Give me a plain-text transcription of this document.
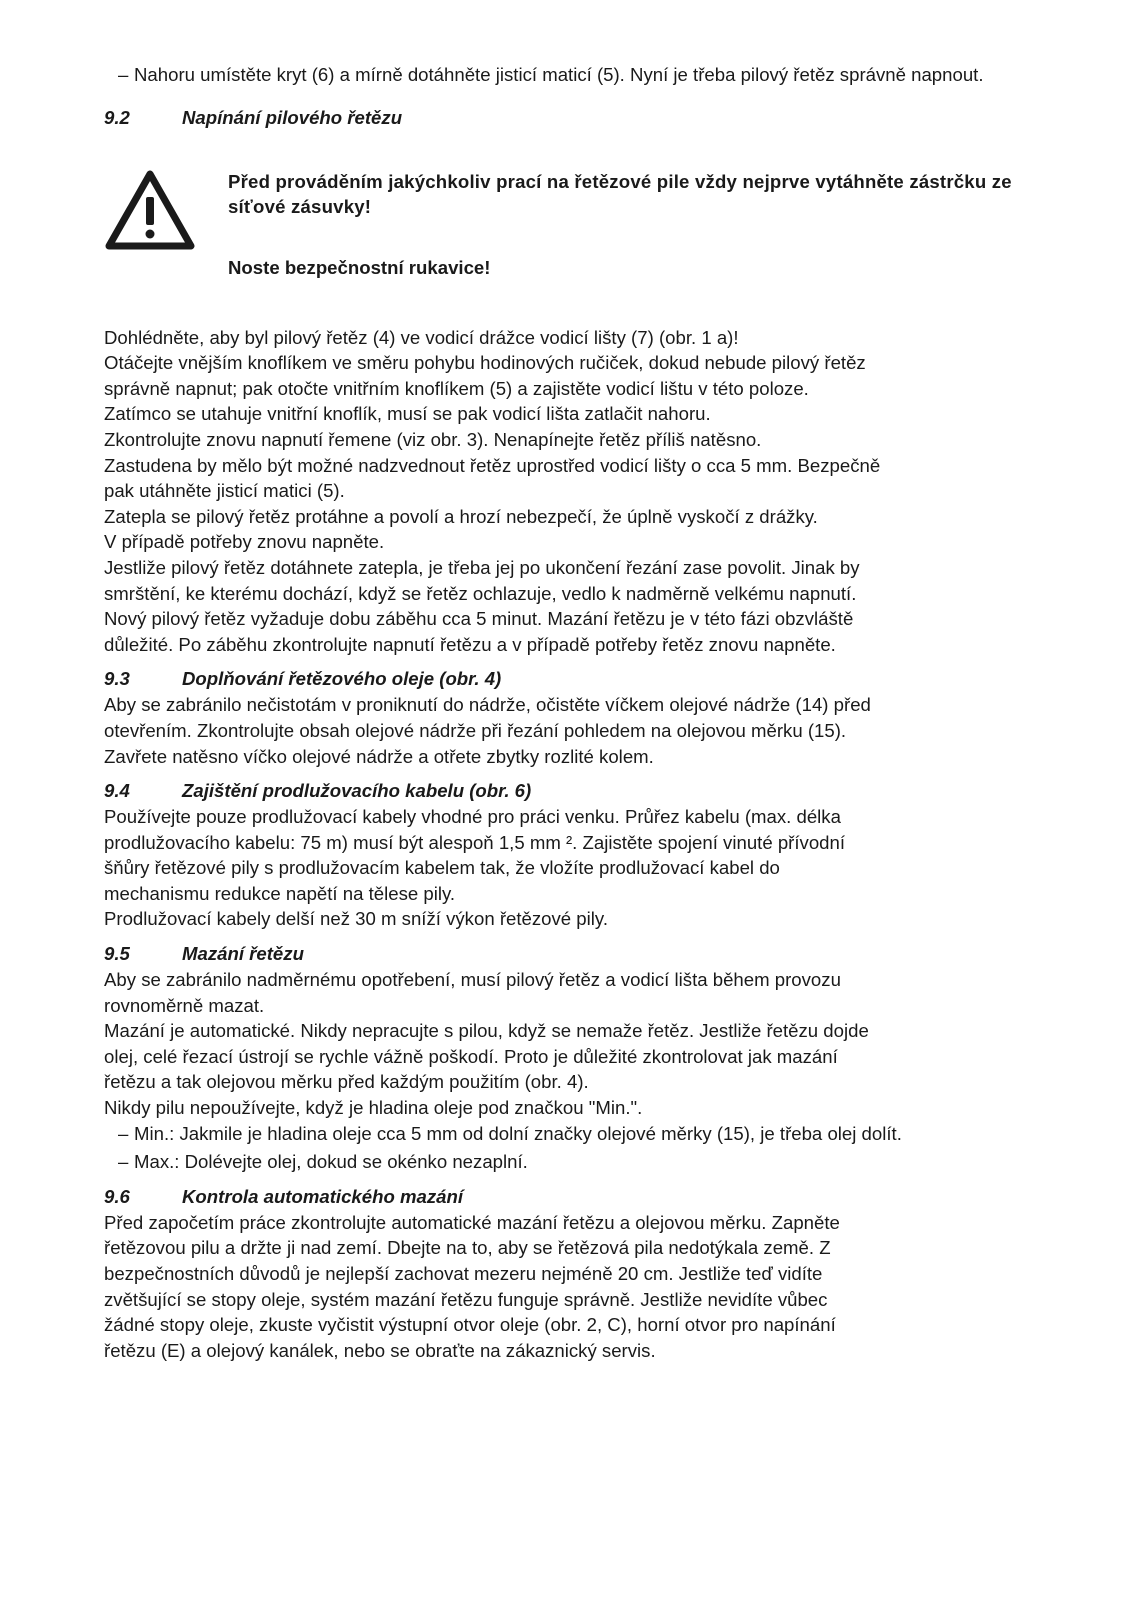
– Nahoru umístěte kryt (6) a mírně dotáhněte jisticí maticí (5). Nyní je třeba pilový řetěz správně napnout.
9.2	Napínání pilového řetězu
Před prováděním jakýchkoliv prací na řetězové pile vždy nejprve vytáhněte zástrčku ze síťové zásuvky!
Noste bezpečnostní rukavice!
Dohlédněte, aby byl pilový řetěz (4) ve vodicí drážce vodicí lišty (7) (obr. 1 a)!
Otáčejte vnějším knoflíkem ve směru pohybu hodinových ručiček, dokud nebude pilový řetěz
správně napnut; pak otočte vnitřním knoflíkem (5) a zajistěte vodicí lištu v této poloze.
Zatímco se utahuje vnitřní knoflík, musí se pak vodicí lišta zatlačit nahoru.
Zkontrolujte znovu napnutí řemene (viz obr. 3). Nenapínejte řetěz příliš natěsno.
Zastudena by mělo být možné nadzvednout řetěz uprostřed vodicí lišty o cca 5 mm. Bezpečně
pak utáhněte jisticí matici (5).
Zatepla se pilový řetěz protáhne a povolí a hrozí nebezpečí, že úplně vyskočí z drážky.
V případě potřeby znovu napněte.
Jestliže pilový řetěz dotáhnete zatepla, je třeba jej po ukončení řezání zase povolit. Jinak by
smrštění, ke kterému dochází, když se řetěz ochlazuje, vedlo k nadměrně velkému napnutí.
Nový pilový řetěz vyžaduje dobu záběhu cca 5 minut. Mazání řetězu je v této fázi obzvláště
důležité. Po záběhu zkontrolujte napnutí řetězu a v případě potřeby řetěz znovu napněte.
9.3	Doplňování řetězového oleje (obr. 4)
Aby se zabránilo nečistotám v proniknutí do nádrže, očistěte víčkem olejové nádrže (14) před
otevřením. Zkontrolujte obsah olejové nádrže při řezání pohledem na olejovou měrku (15).
Zavřete natěsno víčko olejové nádrže a otřete zbytky rozlité kolem.
9.4	Zajištění prodlužovacího kabelu (obr. 6)
Používejte pouze prodlužovací kabely vhodné pro práci venku. Průřez kabelu (max. délka
prodlužovacího kabelu: 75 m) musí být alespoň 1,5 mm ². Zajistěte spojení vinuté přívodní
šňůry řetězové pily s prodlužovacím kabelem tak, že vložíte prodlužovací kabel do
mechanismu redukce napětí na tělese pily.
Prodlužovací kabely delší než 30 m sníží výkon řetězové pily.
9.5	Mazání řetězu
Aby se zabránilo nadměrnému opotřebení, musí pilový řetěz a vodicí lišta během provozu
rovnoměrně mazat.
Mazání je automatické. Nikdy nepracujte s pilou, když se nemaže řetěz. Jestliže řetězu dojde
olej, celé řezací ústrojí se rychle vážně poškodí. Proto je důležité zkontrolovat jak mazání
řetězu a tak olejovou měrku před každým použitím (obr. 4).
Nikdy pilu nepoužívejte, když je hladina oleje pod značkou "Min.".
– Min.: Jakmile je hladina oleje cca 5 mm od dolní značky olejové měrky (15), je třeba olej dolít.
– Max.: Dolévejte olej, dokud se okénko nezaplní.
9.6	Kontrola automatického mazání
Před započetím práce zkontrolujte automatické mazání řetězu a olejovou měrku. Zapněte
řetězovou pilu a držte ji nad zemí. Dbejte na to, aby se řetězová pila nedotýkala země. Z
bezpečnostních důvodů je nejlepší zachovat mezeru nejméně 20 cm. Jestliže teď vidíte
zvětšující se stopy oleje, systém mazání řetězu funguje správně. Jestliže nevidíte vůbec
žádné stopy oleje, zkuste vyčistit výstupní otvor oleje (obr. 2, C), horní otvor pro napínání
řetězu (E) a olejový kanálek, nebo se obraťte na zákaznický servis.
